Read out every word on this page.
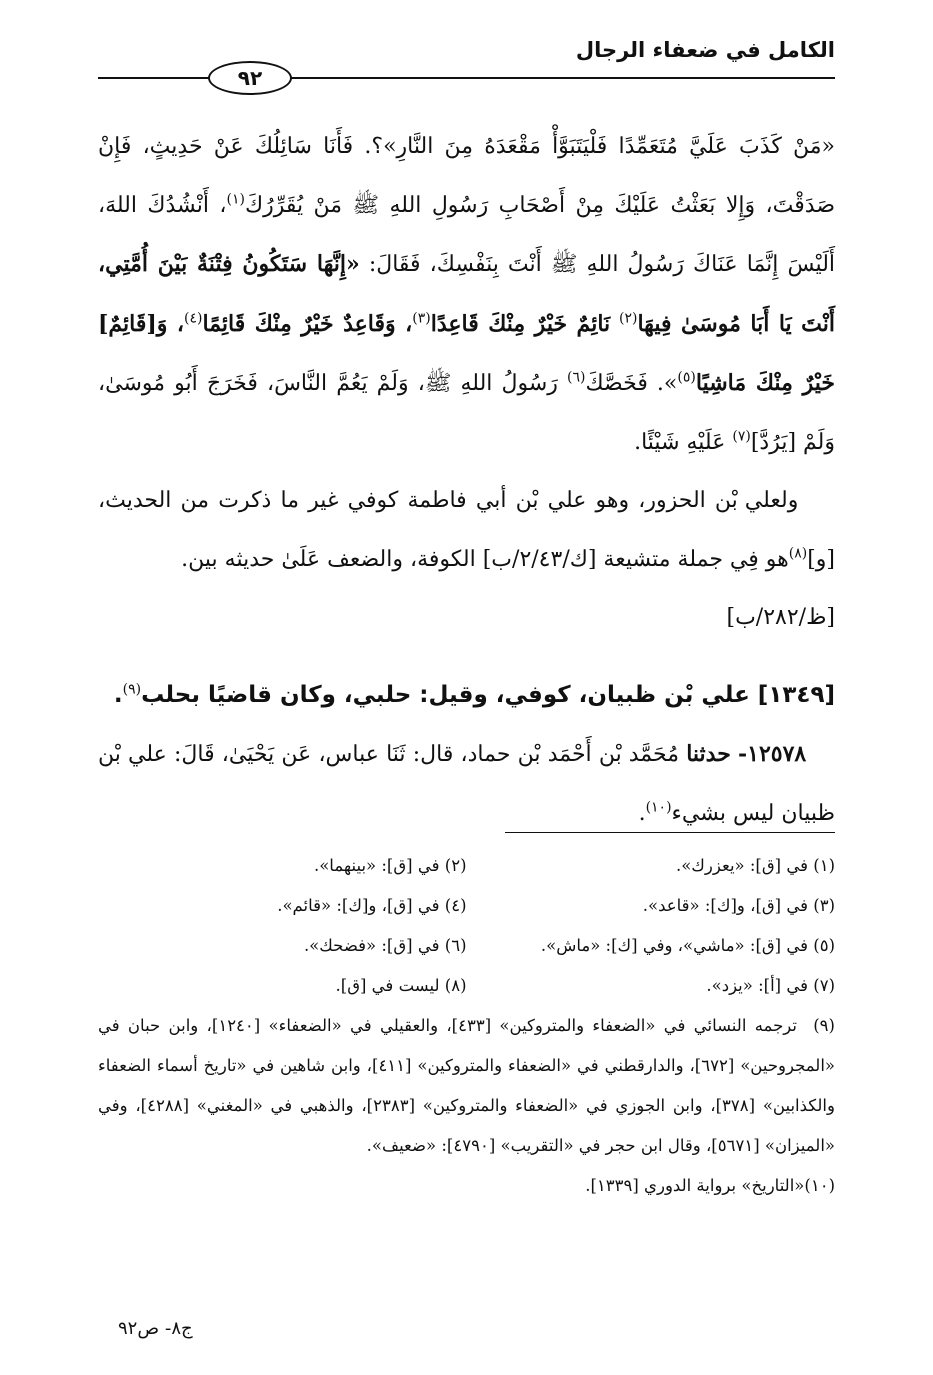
الكامل في ضعفاء الرجال
٩٢

«مَنْ كَذَبَ عَلَيَّ مُتَعَمِّدًا فَلْيَتَبَوَّأْ مَقْعَدَهُ مِنَ النَّارِ»؟. فَأَنَا سَائِلُكَ عَنْ حَدِيثٍ، فَإِنْ صَدَقْتَ، وَإِلا بَعَثْتُ عَلَيْكَ مِنْ أَصْحَابِ رَسُولِ اللهِ ﷺ مَنْ يُقَرِّرُكَ$^{(١)}$، أَنْشُدُكَ اللهَ، أَلَيْسَ إِنَّمَا عَنَاكَ رَسُولُ اللهِ ﷺ أَنْتَ بِنَفْسِكَ، فَقَالَ: «إِنَّهَا سَتَكُونُ فِتْنَةٌ بَيْنَ أُمَّتِي، أَنْتَ يَا أَبَا مُوسَىٰ فِيهَا$^{(٢)}$ نَائِمٌ خَيْرٌ مِنْكَ قَاعِدًا$^{(٣)}$، وَقَاعِدٌ خَيْرٌ مِنْكَ قَائِمًا$^{(٤)}$، وَ[قَائِمٌ] خَيْرٌ مِنْكَ مَاشِيًا$^{(٥)}$». فَخَصَّكَ$^{(٦)}$ رَسُولُ اللهِ ﷺ، وَلَمْ يَعُمَّ النَّاسَ، فَخَرَجَ أَبُو مُوسَىٰ، وَلَمْ [يَرُدَّ]$^{(٧)}$ عَلَيْهِ شَيْئًا.

ولعلي بْن الحزور، وهو علي بْن أبي فاطمة كوفي غير ما ذكرت من الحديث، [و]$^{(٨)}$هو فِي جملة متشيعة [ك/٢/٤٣/ب] الكوفة، والضعف عَلَىٰ حديثه بين.

[ظ/٢٨٢/ب]

[١٣٤٩] علي بْن ظبيان، كوفي، وقيل: حلبي، وكان قاضيًا بحلب$^{(٩)}$.

١٢٥٧٨- حدثنا مُحَمَّد بْن أَحْمَد بْن حماد، قال: ثَنَا عباس، عَن يَحْيَىٰ، قَالَ: علي بْن ظبيان ليس بشيء$^{(١٠)}$.

(١) في [ق]: «يعزرك».
(٢) في [ق]: «بينهما».
(٣) في [ق]، و[ك]: «قاعد».
(٤) في [ق]، و[ك]: «قائم».
(٥) في [ق]: «ماشي»، وفي [ك]: «ماش».
(٦) في [ق]: «فضحك».
(٧) في [أ]: «يزد».
(٨) ليست في [ق].
(٩)ترجمه النسائي في «الضعفاء والمتروكين» [٤٣٣]، والعقيلي في «الضعفاء» [١٢٤٠]، وابن حبان في «المجروحين» [٦٧٢]، والدارقطني في «الضعفاء والمتروكين» [٤١١]، وابن شاهين في «تاريخ أسماء الضعفاء والكذابين» [٣٧٨]، وابن الجوزي في «الضعفاء والمتروكين» [٢٣٨٣]، والذهبي في «المغني» [٤٢٨٨]، وفي «الميزان» [٥٦٧١]، وقال ابن حجر في «التقريب» [٤٧٩٠]: «ضعيف».
(١٠)«التاريخ» برواية الدوري [١٣٣٩].
ج٨- ص٩٢
